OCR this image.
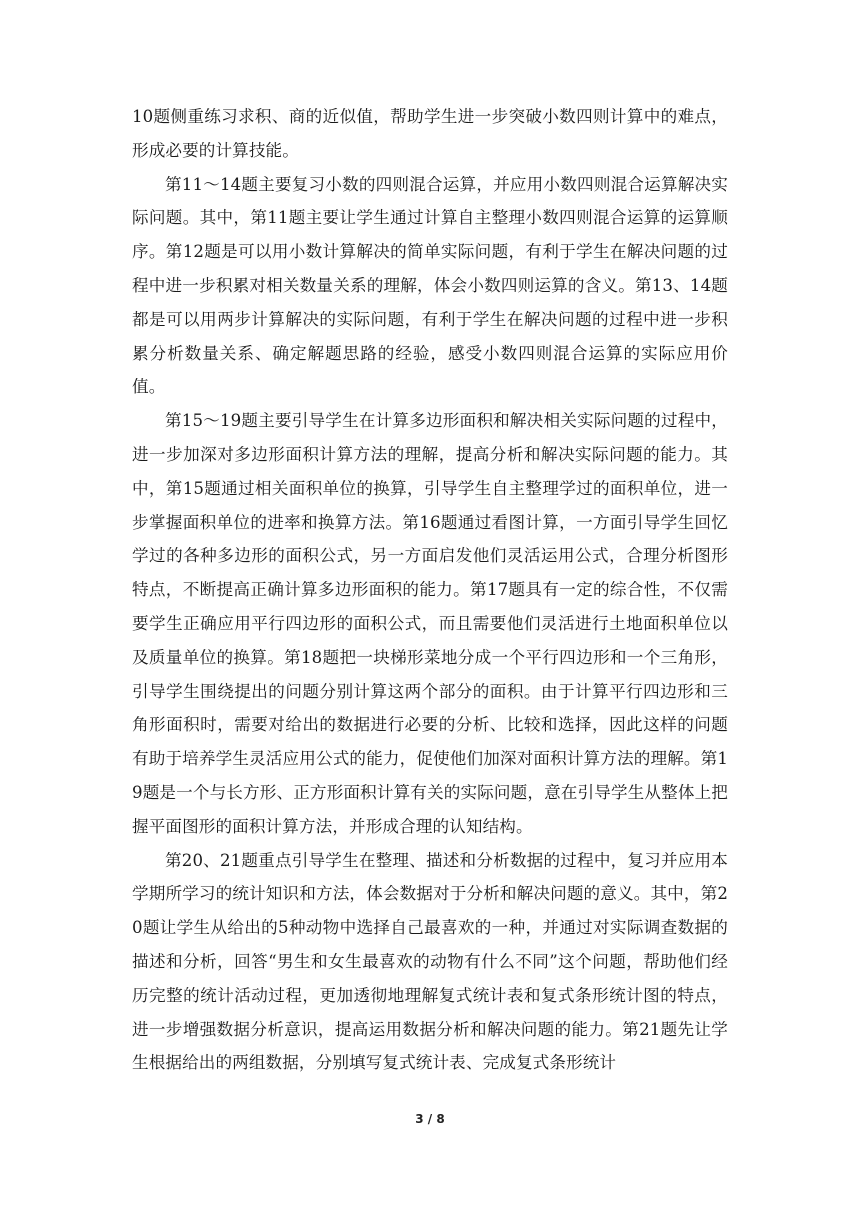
10题侧重练习求积、商的近似值，帮助学生进一步突破小数四则计算中的难点，形成必要的计算技能。

第11～14题主要复习小数的四则混合运算，并应用小数四则混合运算解决实际问题。其中，第11题主要让学生通过计算自主整理小数四则混合运算的运算顺序。第12题是可以用小数计算解决的简单实际问题，有利于学生在解决问题的过程中进一步积累对相关数量关系的理解，体会小数四则运算的含义。第13、14题都是可以用两步计算解决的实际问题，有利于学生在解决问题的过程中进一步积累分析数量关系、确定解题思路的经验，感受小数四则混合运算的实际应用价值。

第15～19题主要引导学生在计算多边形面积和解决相关实际问题的过程中，进一步加深对多边形面积计算方法的理解，提高分析和解决实际问题的能力。其中，第15题通过相关面积单位的换算，引导学生自主整理学过的面积单位，进一步掌握面积单位的进率和换算方法。第16题通过看图计算，一方面引导学生回忆学过的各种多边形的面积公式，另一方面启发他们灵活运用公式，合理分析图形特点，不断提高正确计算多边形面积的能力。第17题具有一定的综合性，不仅需要学生正确应用平行四边形的面积公式，而且需要他们灵活进行土地面积单位以及质量单位的换算。第18题把一块梯形菜地分成一个平行四边形和一个三角形，引导学生围绕提出的问题分别计算这两个部分的面积。由于计算平行四边形和三角形面积时，需要对给出的数据进行必要的分析、比较和选择，因此这样的问题有助于培养学生灵活应用公式的能力，促使他们加深对面积计算方法的理解。第19题是一个与长方形、正方形面积计算有关的实际问题，意在引导学生从整体上把握平面图形的面积计算方法，并形成合理的认知结构。

第20、21题重点引导学生在整理、描述和分析数据的过程中，复习并应用本学期所学习的统计知识和方法，体会数据对于分析和解决问题的意义。其中，第20题让学生从给出的5种动物中选择自己最喜欢的一种，并通过对实际调查数据的描述和分析，回答“男生和女生最喜欢的动物有什么不同”这个问题，帮助他们经历完整的统计活动过程，更加透彻地理解复式统计表和复式条形统计图的特点，进一步增强数据分析意识，提高运用数据分析和解决问题的能力。第21题先让学生根据给出的两组数据，分别填写复式统计表、完成复式条形统计

3 / 8
